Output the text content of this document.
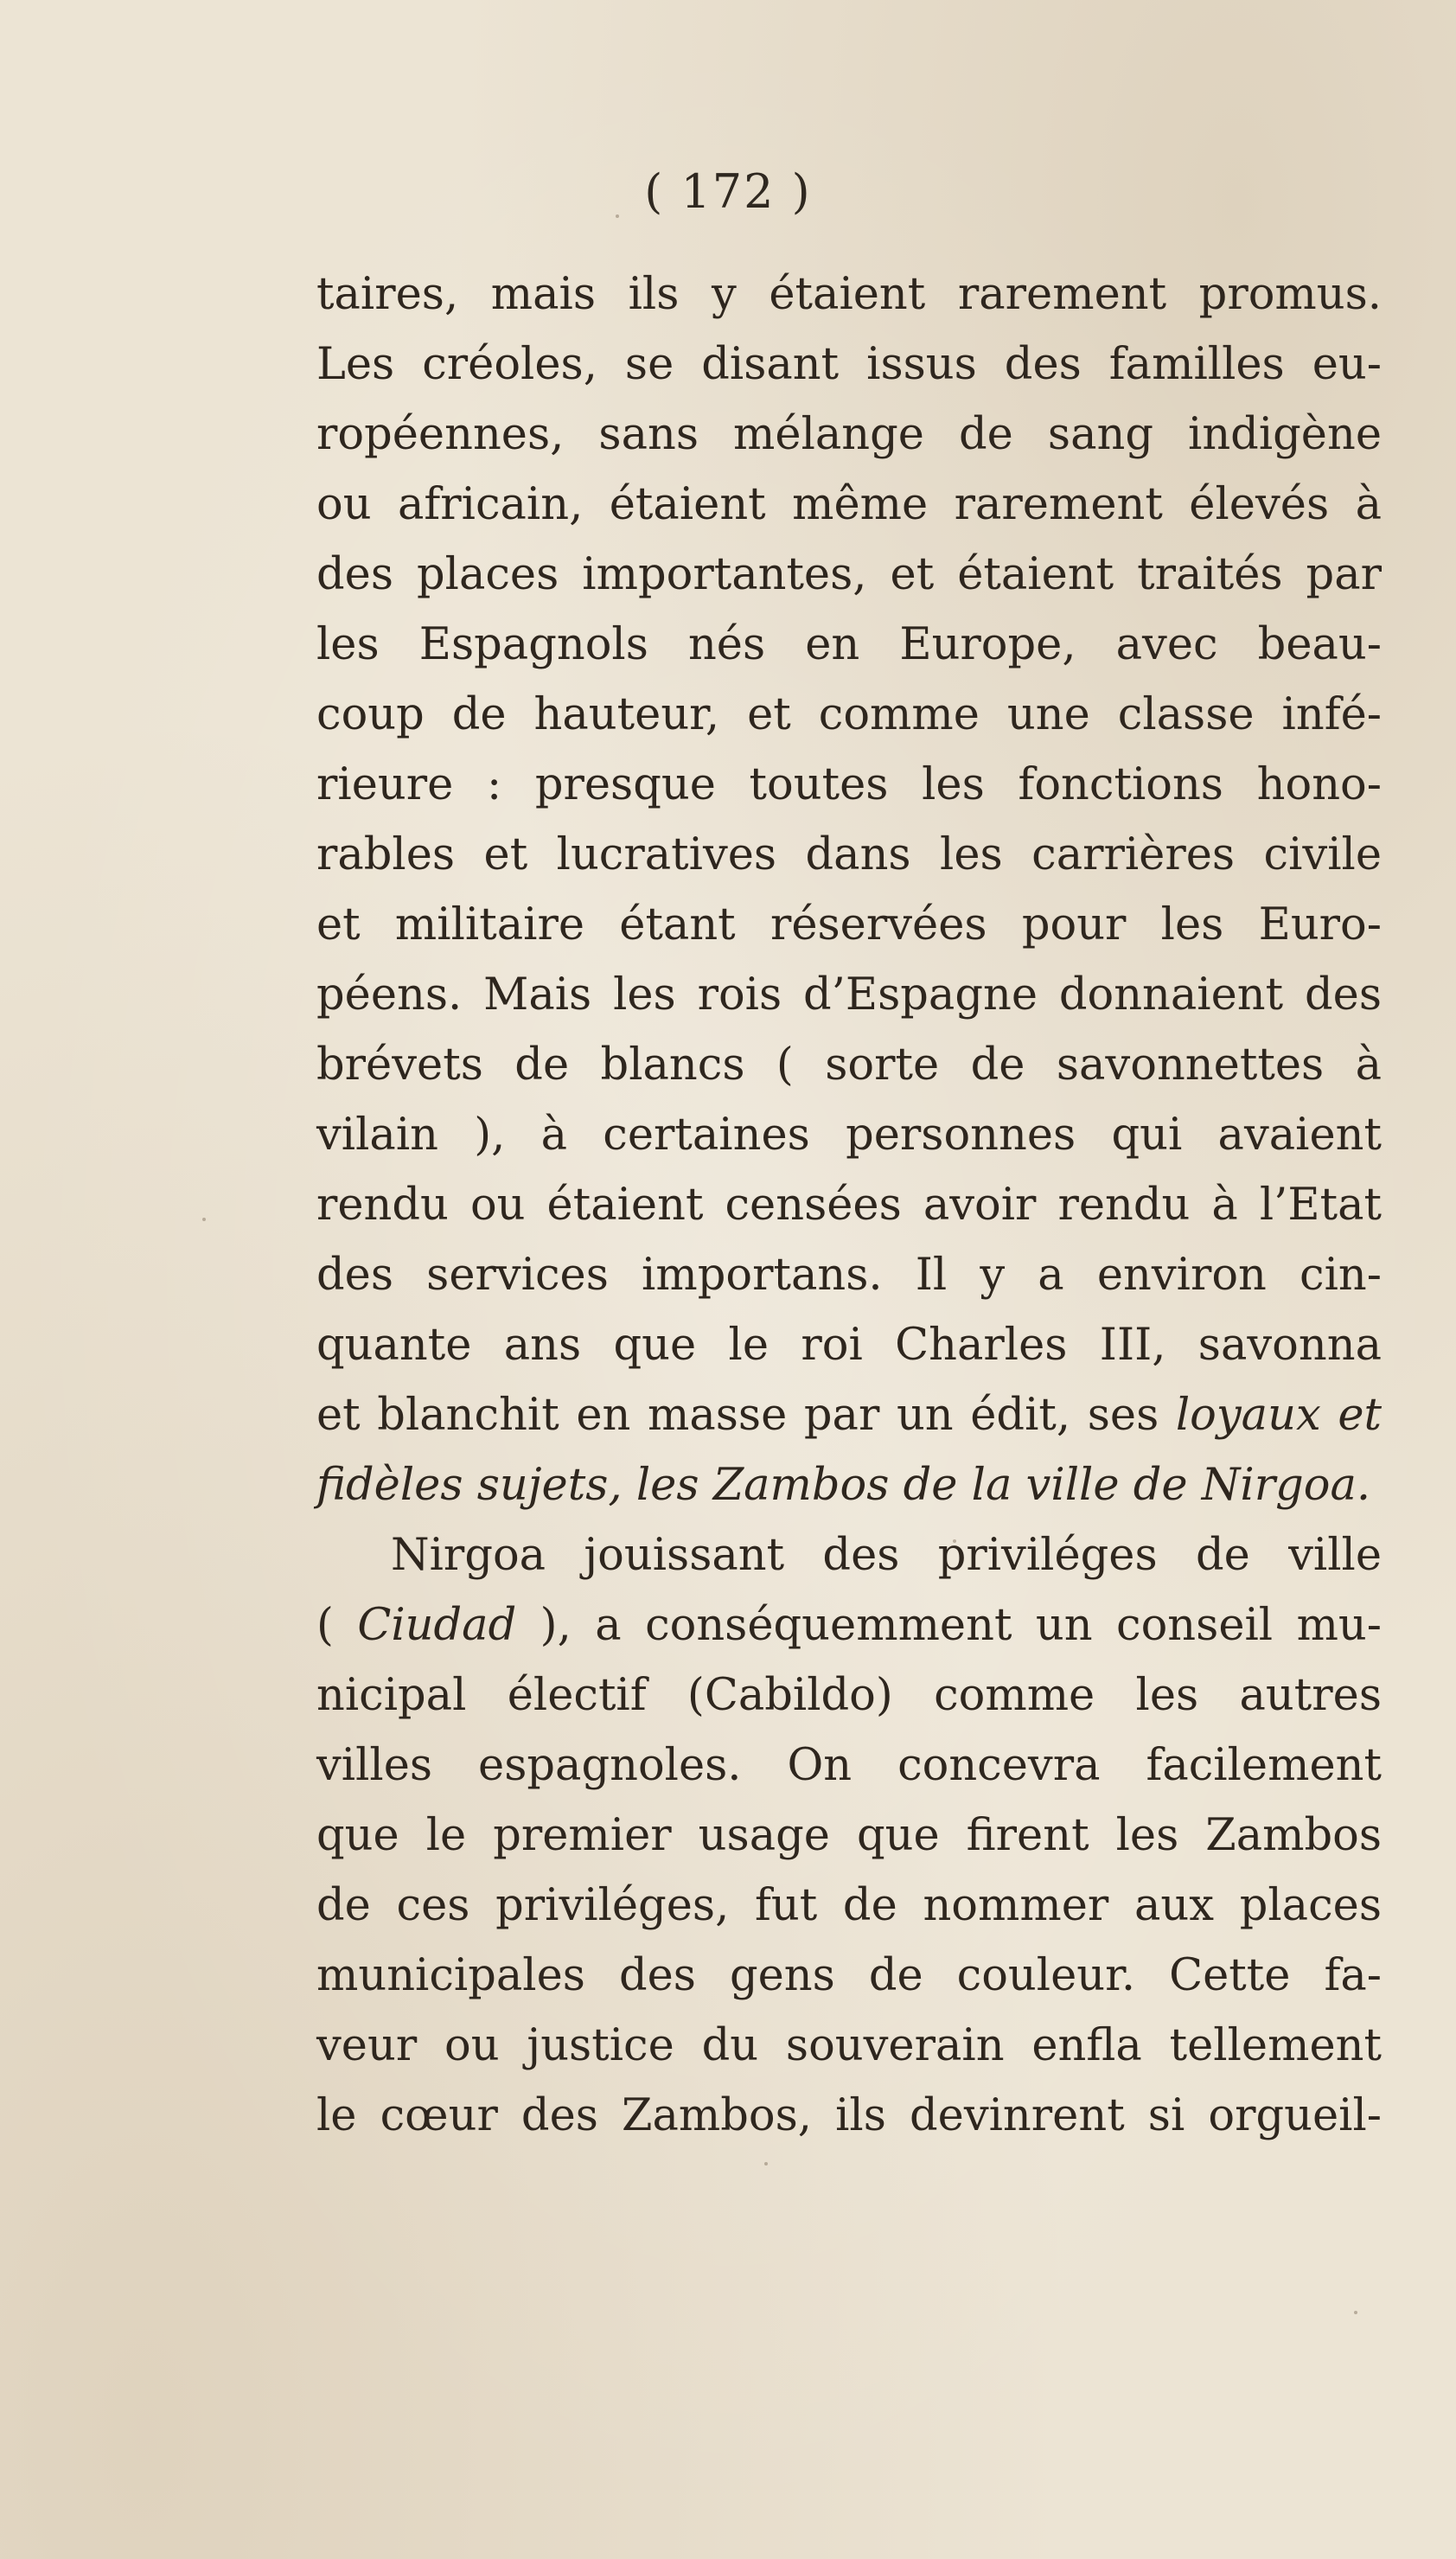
( 172 )
taires, mais ils y étaient rarement promus.
Les créoles, se disant issus des familles eu-
ropéennes, sans mélange de sang indigène
ou africain, étaient même rarement élevés à
des places importantes, et étaient traités par
les Espagnols nés en Europe, avec beau-
coup de hauteur, et comme une classe infé-
rieure : presque toutes les fonctions hono-
rables et lucratives dans les carrières civile
et militaire étant réservées pour les Euro-
péens. Mais les rois d’Espagne donnaient des
brévets de blancs ( sorte de savonnettes à
vilain ), à certaines personnes qui avaient
rendu ou étaient censées avoir rendu à l’Etat
des services importans. Il y a environ cin-
quante ans que le roi Charles III, savonna
et blanchit en masse par un édit, ses loyaux et
fidèles sujets, les Zambos de la ville de Nirgoa.
Nirgoa jouissant des priviléges de ville
( Ciudad ), a conséquemment un conseil mu-
nicipal électif (Cabildo) comme les autres
villes espagnoles. On concevra facilement
que le premier usage que firent les Zambos
de ces priviléges, fut de nommer aux places
municipales des gens de couleur. Cette fa-
veur ou justice du souverain enfla tellement
le cœur des Zambos, ils devinrent si orgueil-
